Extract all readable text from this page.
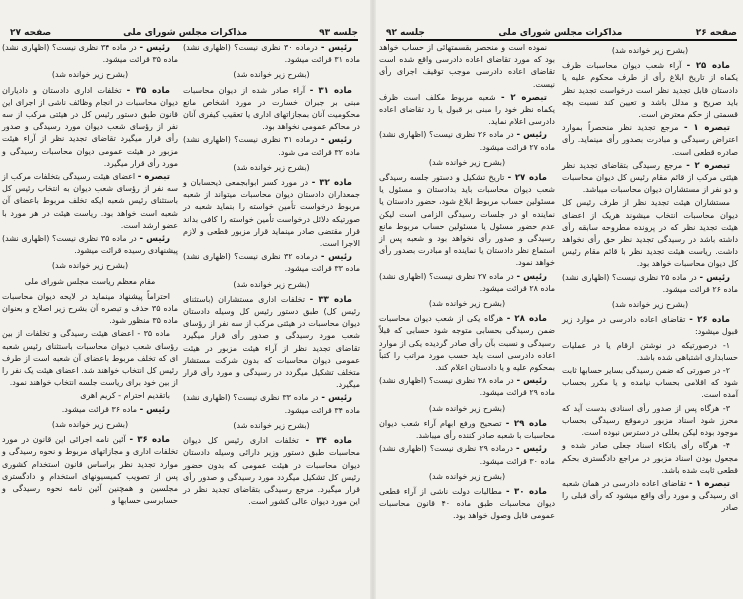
صفحه ۲۶
مذاکرات مجلس شورای ملی
جلسه ۹۲
(بشرح زیر خوانده شد)
ماده ۲۵ - آراء شعب دیوان محاسبات ظرف یکماه از تاریخ ابلاغ رأی از طرف محکوم علیه یا دادستان قابل تجدید نظر است درخواست تجدید نظر باید صریح و مدلل باشد و تعیین کند نسبت بچه قسمتی از حکم معترض است.
تبصره ۱ - مرجع تجدید نظر منحصراً بموارد اعتراض رسیدگی و مبادرت بصدور رأی مینماید. رأی صادره قطعی است.
تبصره ۲ - مرجع رسیدگی بتقاضای تجدید نظر هیئتی مرکب از قائم مقام رئیس کل دیوان محاسبات و دو نفر از مستشاران دیوان محاسبات میباشد.
مستشاران هیئت تجدید نظر از طرف رئیس کل دیوان محاسبات انتخاب میشوند هریک از اعضای هیئت تجدید نظر که در پرونده مطروحه سابقه رأی داشته باشد در رسیدگی تجدید نظر حق رأی نخواهد داشت. ریاست هیئت تجدید نظر با قائم مقام رئیس کل دیوان محاسبات خواهد بود.
رئیس - در ماده ۲۵ نظری نیست؟ (اظهاری نشد) ماده ۲۶ قرائت میشود.
(بشرح زیر خوانده شد)
ماده ۲۶ - تقاضای اعاده دادرسی در موارد زیر قبول میشود:
۱- درصورتیکه در نوشتن ارقام یا در عملیات حسابداری اشتباهی شده باشد.
۲- در صورتی که ضمن رسیدگی بسایر حسابها ثابت شود که اقلامی بحساب نیامده و یا مکرر بحساب آمده است.
۳- هرگاه پس از صدور رأی اسنادی بدست آید که محرز شود اسناد مزبور درموقع رسیدگی بحساب موجود بوده لیکن بعللی در دسترس نبوده است.
۴- هرگاه رأی باتکاء اسناد جعلی صادر شده و مجعول بودن اسناد مزبور در مراجع دادگستری بحکم قطعی ثابت شده باشد.
تبصره ۱ - تقاضای اعاده دادرسی در همان شعبه ای رسیدگی و مورد رأی واقع میشود که رأی قبلی را صادر
نموده است و منحصر بقسمتهائی از حساب خواهد بود که مورد تقاضای اعاده دادرسی واقع شده است تقاضای اعاده دادرسی موجب توقیف اجرای رأی نیست.
تبصره ۲ - شعبه مربوط مکلف است ظرف یکماه نظر خود را مبنی بر قبول یا رد تقاضای اعاده دادرسی اعلام نماید.
رئیس - در ماده ۲۶ نظری نیست؟ (اظهاری نشد) ماده ۲۷ قرائت میشود.
(بشرح زیر خوانده شد)
ماده ۲۷ - تاریخ تشکیل و دستور جلسه رسیدگی شعب دیوان محاسبات باید بدادستان و مسئول یا مسئولین حساب مربوط ابلاغ شود، حضور دادستان یا نماینده او در جلسات رسیدگی الزامی است لیکن عدم حضور مسئول یا مسئولین حساب مربوط مانع رسیدگی و صدور رأی نخواهد بود و شعبه پس از استماع نظر دادستان یا نماینده او مبادرت بصدور رأی خواهد نمود.
رئیس - در ماده ۲۷ نظری نیست؟ (اظهاری نشد) ماده ۲۸ قرائت میشود.
(بشرح زیر خوانده شد)
ماده ۲۸ - هرگاه یکی از شعب دیوان محاسبات ضمن رسیدگی بحسابی متوجه شود حسابی که قبلاً رسیدگی و نسبت بآن رأی صادر گردیده یکی از موارد اعاده دادرسی است باید حسب مورد مراتب را کتباً بمحکوم علیه و یا دادستان اعلام کند.
رئیس - در ماده ۲۸ نظری نیست؟ (اظهاری نشد) ماده ۲۹ قرائت میشود.
(بشرح زیر خوانده شد)
ماده ۲۹ - تصحیح ورفع ابهام آراء شعب دیوان محاسبات با شعبه صادر کننده رأی میباشد.
رئیس - درماده ۲۹ نظری نیست؟ (اظهاری نشد) ماده ۳۰ قرائت میشود.
(بشرح زیر خوانده شد)
ماده ۳۰ - مطالبات دولت ناشی از آراء قطعی دیوان محاسبات طبق ماده ۴۰ قانون محاسبات عمومی قابل وصول خواهد بود.
جلسه ۹۳
مذاکرات مجلس شورای ملی
صفحه ۲۷
رئیس - درماده ۳۰ نظری نیست؟ (اظهاری نشد) ماده ۳۱ قرائت میشود.
(بشرح زیر خوانده شد)
ماده ۳۱ - آراء صادر شده از دیوان محاسبات مبنی بر جبران خسارت در مورد اشخاص مانع محکومیت آنان بمجازاتهای اداری یا تعقیب کیفری آنان در محاکم عمومی نخواهد بود.
رئیس - درماده ۳۱ نظری نیست؟ (اظهاری نشد) ماده ۳۲ قرائت می شود.
(بشرح زیر خوانده شد)
ماده ۳۲ - در مورد کسر ابوابجمعی ذیحسابان و جمعداران دادستان دیوان محاسبات میتواند از شعبه مربوط درخواست تأمین خواسته را بنماید شعبه در صورتیکه دلائل درخواست تأمین خواسته را کافی بداند قرار مقتضی صادر مینماید قرار مزبور قطعی و لازم الاجرا است.
رئیس - درماده ۳۲ نظری نیست؟ (اظهاری نشد) ماده ۳۳ قرائت میشود.
(بشرح زیر خوانده شد)
ماده ۳۳ - تخلفات اداری مستشاران (باستثنای رئیس کل) طبق دستور رئیس کل وسیله دادستان دیوان محاسبات در هیئتی مرکب از سه نفر از رؤسای شعب مورد رسیدگی و صدور رأی قرار میگیرد تقاضای تجدید نظر از آراء هیئت مزبور در هیئت عمومی دیوان محاسبات که بدون شرکت مستشار متخلف تشکیل میگردد در رسیدگی و مورد رأی قرار میگیرد.
رئیس - در ماده ۳۳ نظری نیست؟ (اظهاری نشد) ماده ۳۴ قرائت میشود.
(بشرح زیر خوانده شد)
ماده ۳۴ - تخلفات اداری رئیس کل دیوان محاسبات طبق دستور وزیر دارائی وسیله دادستان دیوان محاسبات در هیئت عمومی که بدون حضور رئیس کل تشکیل میگردد مورد رسیدگی و صدور رأی قرار میگیرد. مرجع رسیدگی بتقاضای تجدید نظر در این مورد دیوان عالی کشور است.
رئیس - در ماده ۳۴ نظری نیست؟ (اظهاری نشد) ماده ۳۵ قرائت میشود.
(بشرح زیر خوانده شد)
ماده ۳۵ - تخلفات اداری دادستان و دادیاران دیوان محاسبات در انجام وظائف ناشی از اجرای این قانون طبق دستور رئیس کل در هیئتی مرکب از سه نفر از رؤسای شعب دیوان مورد رسیدگی و صدور رأی قرار میگیرد تقاضای تجدید نظر از آراء هیئت مزبور در هیئت عمومی دیوان محاسبات رسیدگی و مورد رأی قرار میگیرد.
تبصره - اعضای هیئت رسیدگی بتخلفات مرکب از سه نفر از رؤسای شعب دیوان به انتخاب رئیس کل باستثنای رئیس شعبه ایکه تخلف مربوط باعضای آن شعبه است خواهد بود. ریاست هیئت در هر مورد با عضو ارشد است.
رئیس - در ماده ۳۵ نظری نیست؟ (اظهاری نشد) پیشنهادی رسیده قرائت میشود.
(بشرح زیر خوانده شد)
مقام معظم ریاست مجلس شورای ملی
احتراماً پیشنهاد مینماید در لایحه دیوان محاسبات ماده ۳۵ حذف و تبصره آن بشرح زیر اصلاح و بعنوان ماده ۳۵ منظور شود.
ماده ۳۵ - اعضای هیئت رسیدگی و تخلفات از بین رؤسای شعب دیوان محاسبات باستثنای رئیس شعبه ای که تخلف مربوط باعضای آن شعبه است از طرف رئیس کل انتخاب خواهند شد. اعضای هیئت یک نفر را از بین خود برای ریاست جلسه انتخاب خواهند نمود.
باتقدیم احترام - کریم اهری
رئیس - ماده ۳۶ قرائت میشود.
(بشرح زیر خوانده شد)
ماده ۳۶ - آئین نامه اجرائی این قانون در مورد تخلفات اداری و مجازاتهای مربوط و نحوه رسیدگی و موارد تجدید نظر براساس قانون استخدام کشوری پس از تصویب کمیسیونهای استخدام و دادگستری مجلسین و همچنین آئین نامه نحوه رسیدگی و حسابرسی حسابها و
